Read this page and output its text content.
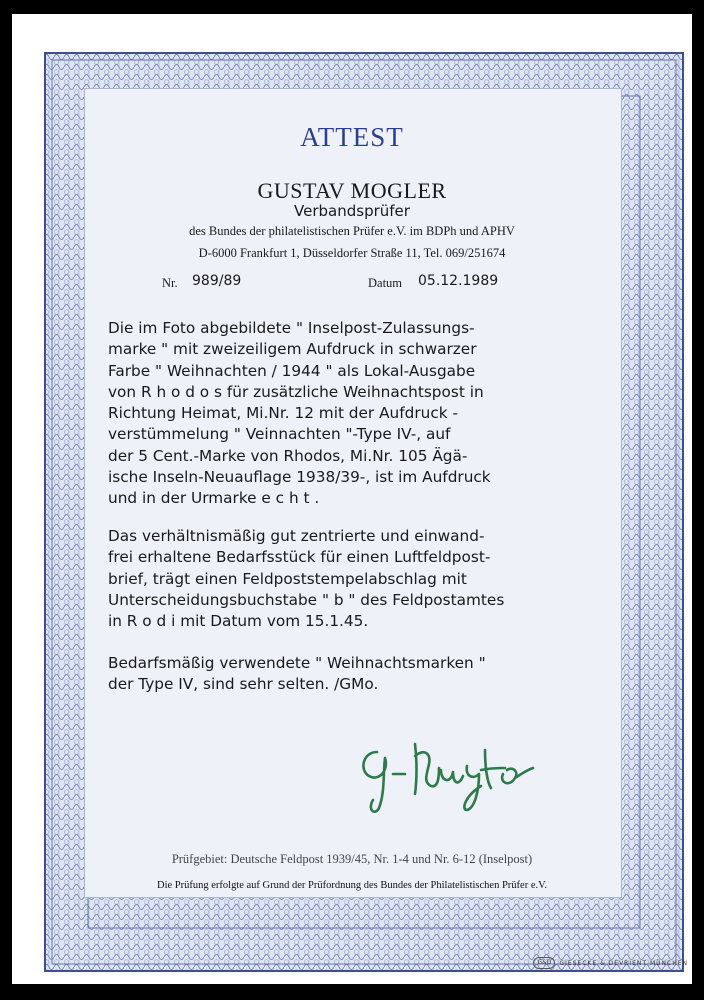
ATTEST
GUSTAV MOGLER
Verbandsprüfer
des Bundes der philatelistischen Prüfer e.V. im BDPh und APHV
D-6000 Frankfurt 1, Düsseldorfer Straße 11, Tel. 069/251674
Nr. 989/89	Datum 05.12.1989
Die im Foto abgebildete " Inselpost-Zulassungs-
marke " mit zweizeiligem Aufdruck in schwarzer
Farbe " Weihnachten / 1944 " als Lokal-Ausgabe
von R h o d o s für zusätzliche Weihnachtspost in
Richtung Heimat, Mi.Nr. 12 mit der Aufdruck -
verstümmelung " Veinnachten "-Type IV-, auf
der 5 Cent.-Marke von Rhodos, Mi.Nr. 105 Ägä-
ische Inseln-Neuauflage 1938/39-, ist im Aufdruck
und in der Urmarke e c h t .
Das verhältnismäßig gut zentrierte und einwand-
frei erhaltene Bedarfsstück für einen Luftfeldpost-
brief, trägt einen Feldpoststempelabschlag mit
Unterscheidungsbuchstabe " b " des Feldpostamtes
in R o d i mit Datum vom 15.1.45.
Bedarfsmäßig verwendete " Weihnachtsmarken "
der Type IV, sind sehr selten. /GMo.
Prüfgebiet: Deutsche Feldpost 1939/45, Nr. 1-4 und Nr. 6-12 (Inselpost)
Die Prüfung erfolgte auf Grund der Prüfordnung des Bundes der Philatelistischen Prüfer e.V.
G&D	GIESECKE & DEVRIENT MÜNCHEN
